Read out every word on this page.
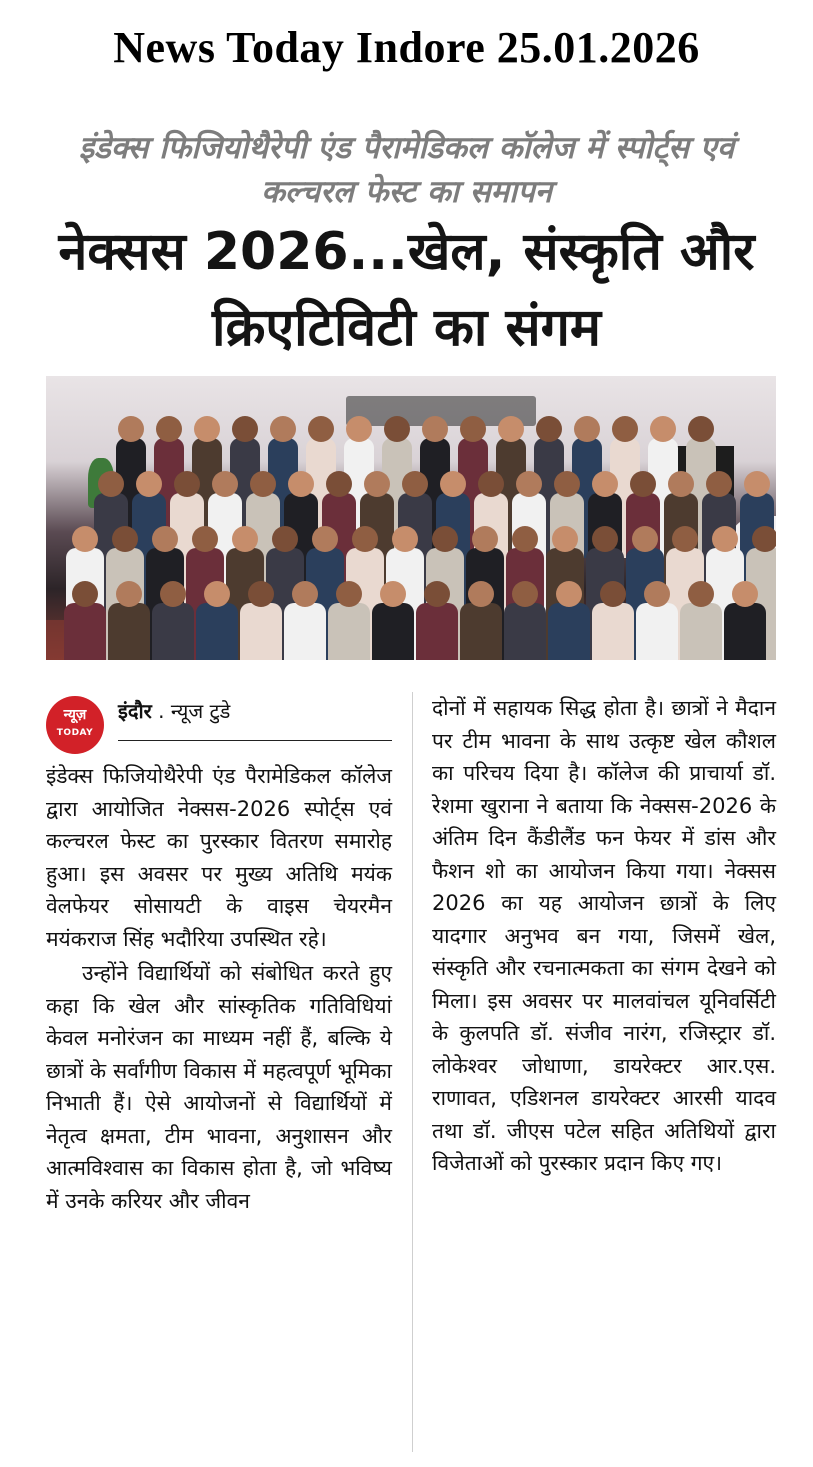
News Today Indore 25.01.2026
इंडेक्स फिजियोथैरेपी एंड पैरामेडिकल कॉलेज में स्पोर्ट्स एवं कल्चरल फेस्ट का समापन
नेक्सस 2026...खेल, संस्कृति और क्रिएटिविटी का संगम
न्यूज़
TODAY
इंदौर . न्यूज टुडे

इंडेक्स फिजियोथैरेपी एंड पैरामेडिकल कॉलेज द्वारा आयोजित नेक्सस-2026 स्पोर्ट्स एवं कल्चरल फेस्ट का पुरस्कार वितरण समारोह हुआ। इस अवसर पर मुख्य अतिथि मयंक वेलफेयर सोसायटी के वाइस चेयरमैन मयंकराज सिंह भदौरिया उपस्थित रहे।

उन्होंने विद्यार्थियों को संबोधित करते हुए कहा कि खेल और सांस्कृतिक गतिविधियां केवल मनोरंजन का माध्यम नहीं हैं, बल्कि ये छात्रों के सर्वांगीण विकास में महत्वपूर्ण भूमिका निभाती हैं। ऐसे आयोजनों से विद्यार्थियों में नेतृत्व क्षमता, टीम भावना, अनुशासन और आत्मविश्वास का विकास होता है, जो भविष्य में उनके करियर और जीवन

दोनों में सहायक सिद्ध होता है। छात्रों ने मैदान पर टीम भावना के साथ उत्कृष्ट खेल कौशल का परिचय दिया है। कॉलेज की प्राचार्या डॉ. रेशमा खुराना ने बताया कि नेक्सस-2026 के अंतिम दिन कैंडीलैंड फन फेयर में डांस और फैशन शो का आयोजन किया गया। नेक्सस 2026 का यह आयोजन छात्रों के लिए यादगार अनुभव बन गया, जिसमें खेल, संस्कृति और रचनात्मकता का संगम देखने को मिला। इस अवसर पर मालवांचल यूनिवर्सिटी के कुलपति डॉ. संजीव नारंग, रजिस्ट्रार डॉ. लोकेश्वर जोधाणा, डायरेक्टर आर.एस. राणावत, एडिशनल डायरेक्टर आरसी यादव तथा डॉ. जीएस पटेल सहित अतिथियों द्वारा विजेताओं को पुरस्कार प्रदान किए गए।
